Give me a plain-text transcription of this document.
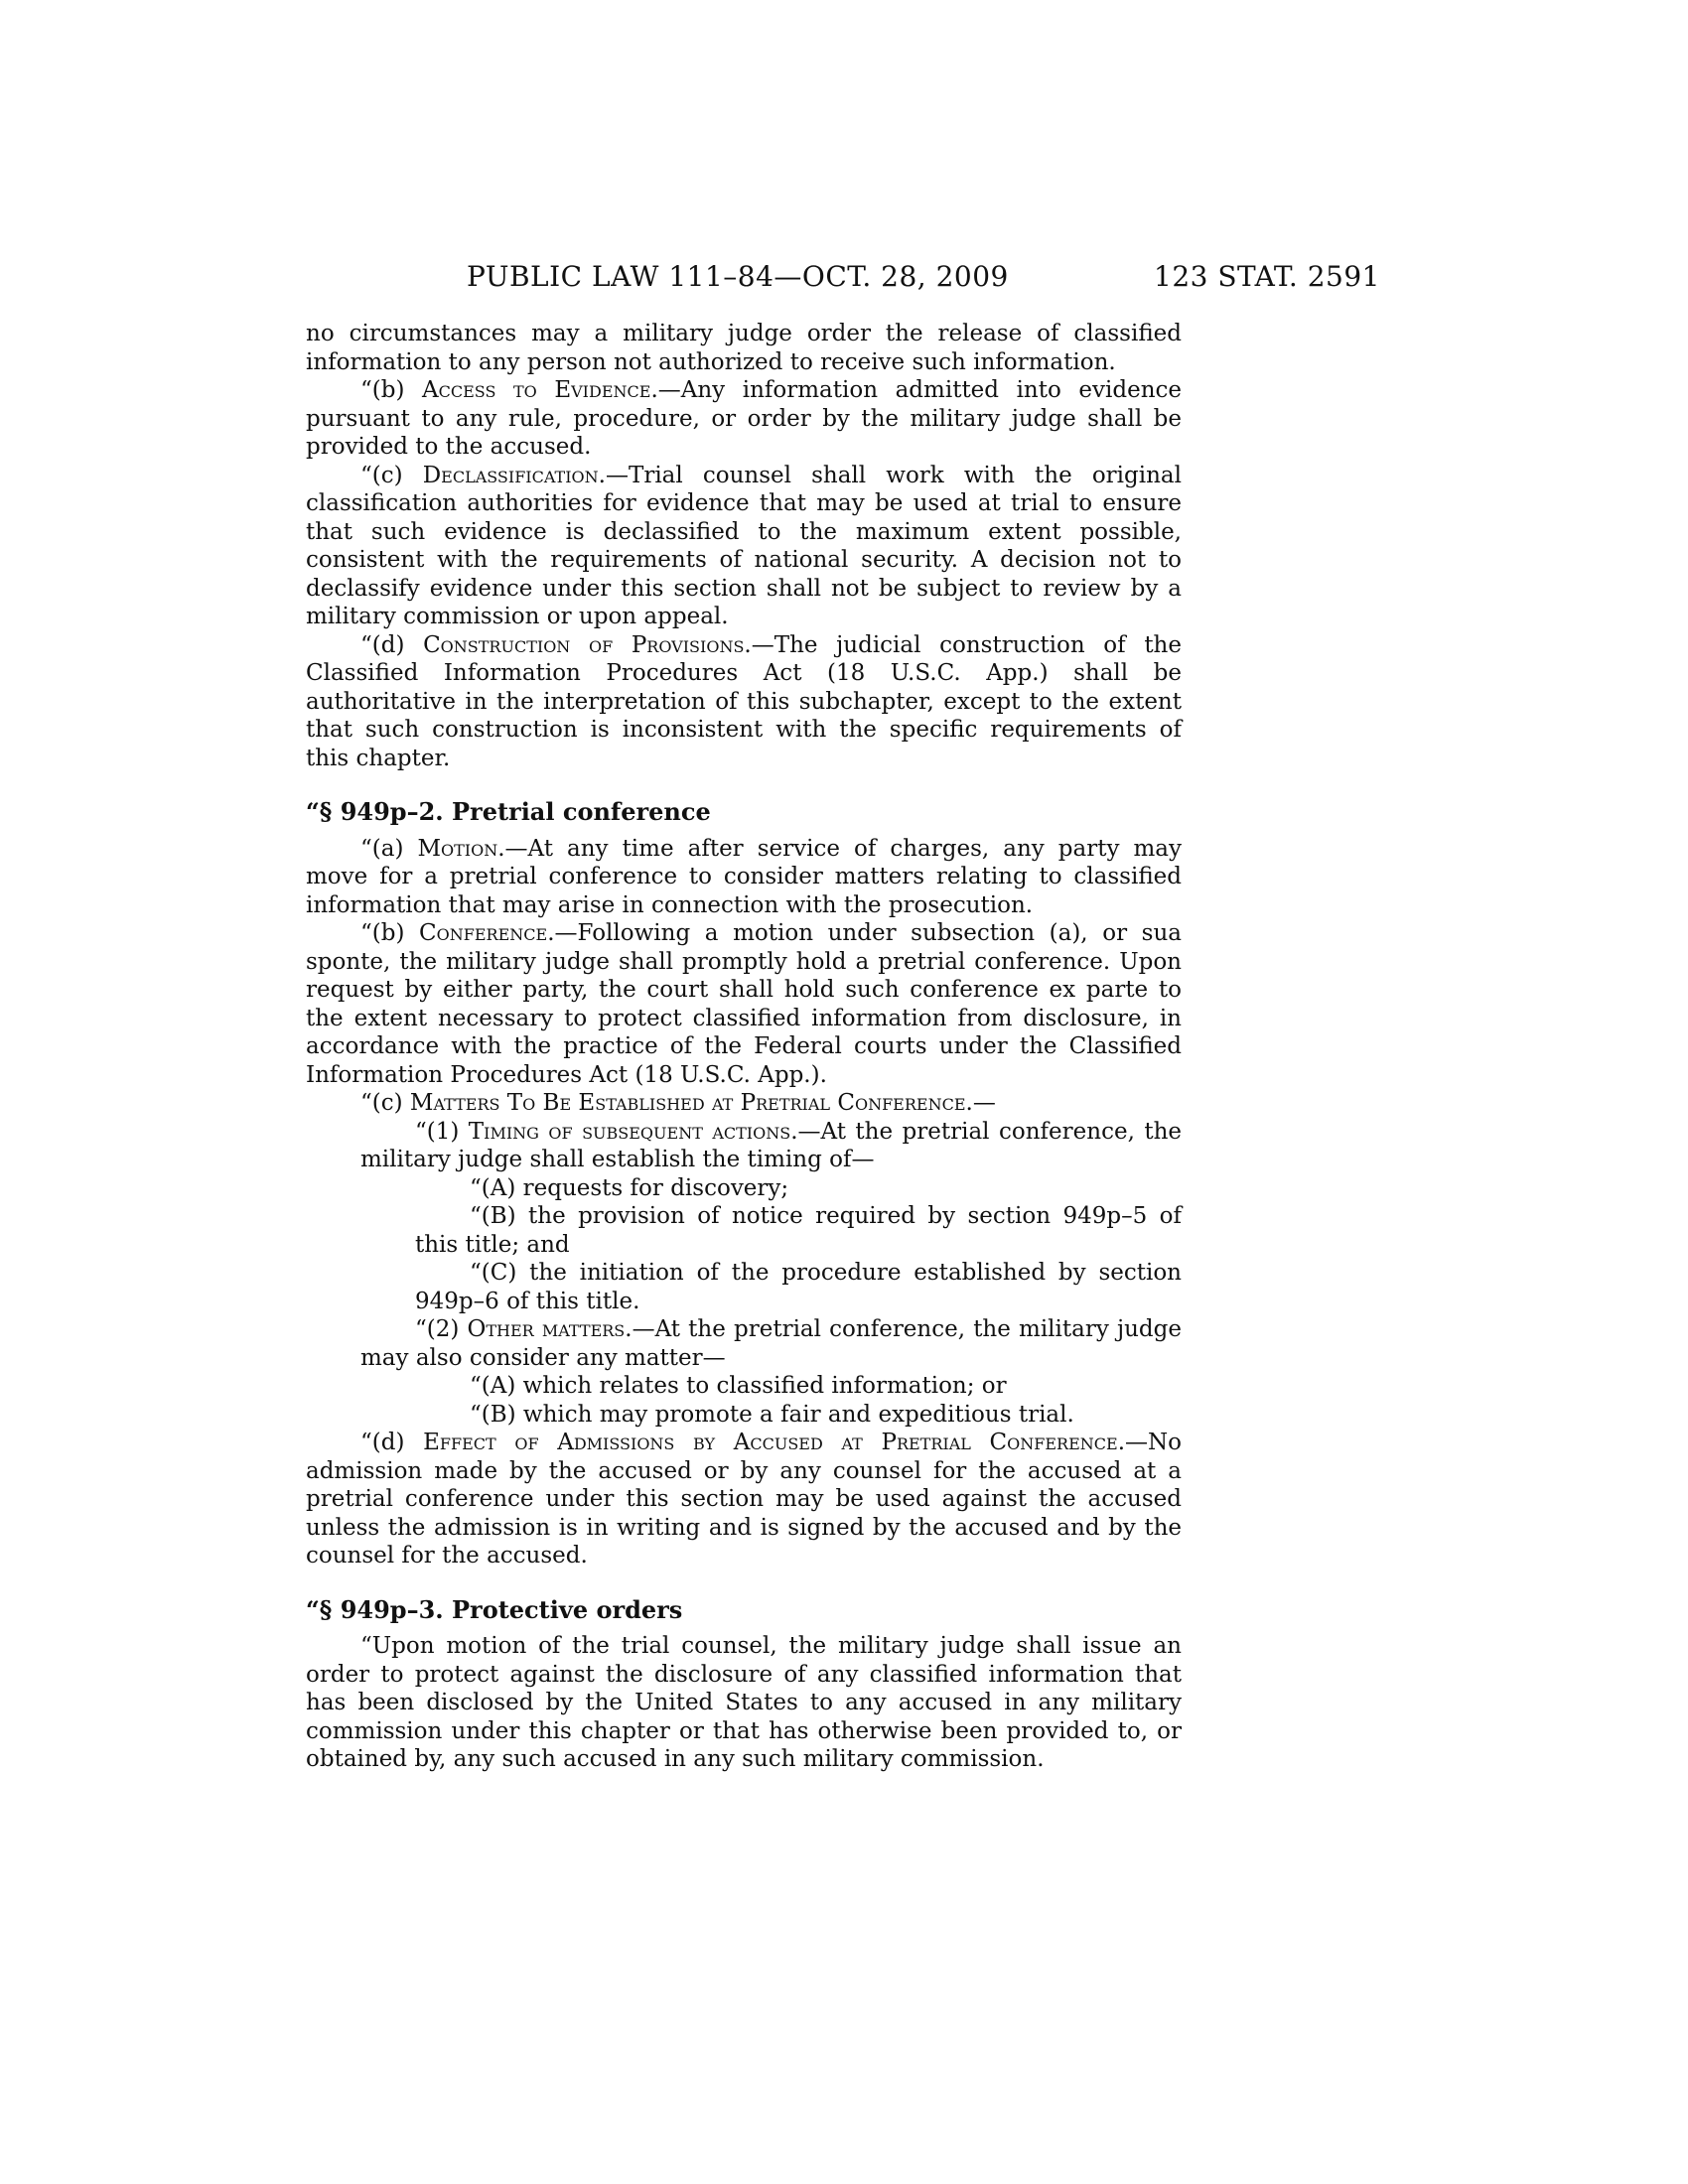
PUBLIC LAW 111–84—OCT. 28, 2009	123 STAT. 2591

no circumstances may a military judge order the release of classified information to any person not authorized to receive such information.

“(b) Access to Evidence.—Any information admitted into evidence pursuant to any rule, procedure, or order by the military judge shall be provided to the accused.

“(c) Declassification.—Trial counsel shall work with the original classification authorities for evidence that may be used at trial to ensure that such evidence is declassified to the maximum extent possible, consistent with the requirements of national security. A decision not to declassify evidence under this section shall not be subject to review by a military commission or upon appeal.

“(d) Construction of Provisions.—The judicial construction of the Classified Information Procedures Act (18 U.S.C. App.) shall be authoritative in the interpretation of this subchapter, except to the extent that such construction is inconsistent with the specific requirements of this chapter.

“§ 949p–2. Pretrial conference

“(a) Motion.—At any time after service of charges, any party may move for a pretrial conference to consider matters relating to classified information that may arise in connection with the prosecution.

“(b) Conference.—Following a motion under subsection (a), or sua sponte, the military judge shall promptly hold a pretrial conference. Upon request by either party, the court shall hold such conference ex parte to the extent necessary to protect classified information from disclosure, in accordance with the practice of the Federal courts under the Classified Information Procedures Act (18 U.S.C. App.).

“(c) Matters To Be Established at Pretrial Conference.—

“(1) Timing of subsequent actions.—At the pretrial conference, the military judge shall establish the timing of—

“(A) requests for discovery;

“(B) the provision of notice required by section 949p–5 of this title; and

“(C) the initiation of the procedure established by section 949p–6 of this title.

“(2) Other matters.—At the pretrial conference, the military judge may also consider any matter—

“(A) which relates to classified information; or

“(B) which may promote a fair and expeditious trial.

“(d) Effect of Admissions by Accused at Pretrial Conference.—No admission made by the accused or by any counsel for the accused at a pretrial conference under this section may be used against the accused unless the admission is in writing and is signed by the accused and by the counsel for the accused.

“§ 949p–3. Protective orders

“Upon motion of the trial counsel, the military judge shall issue an order to protect against the disclosure of any classified information that has been disclosed by the United States to any accused in any military commission under this chapter or that has otherwise been provided to, or obtained by, any such accused in any such military commission.
